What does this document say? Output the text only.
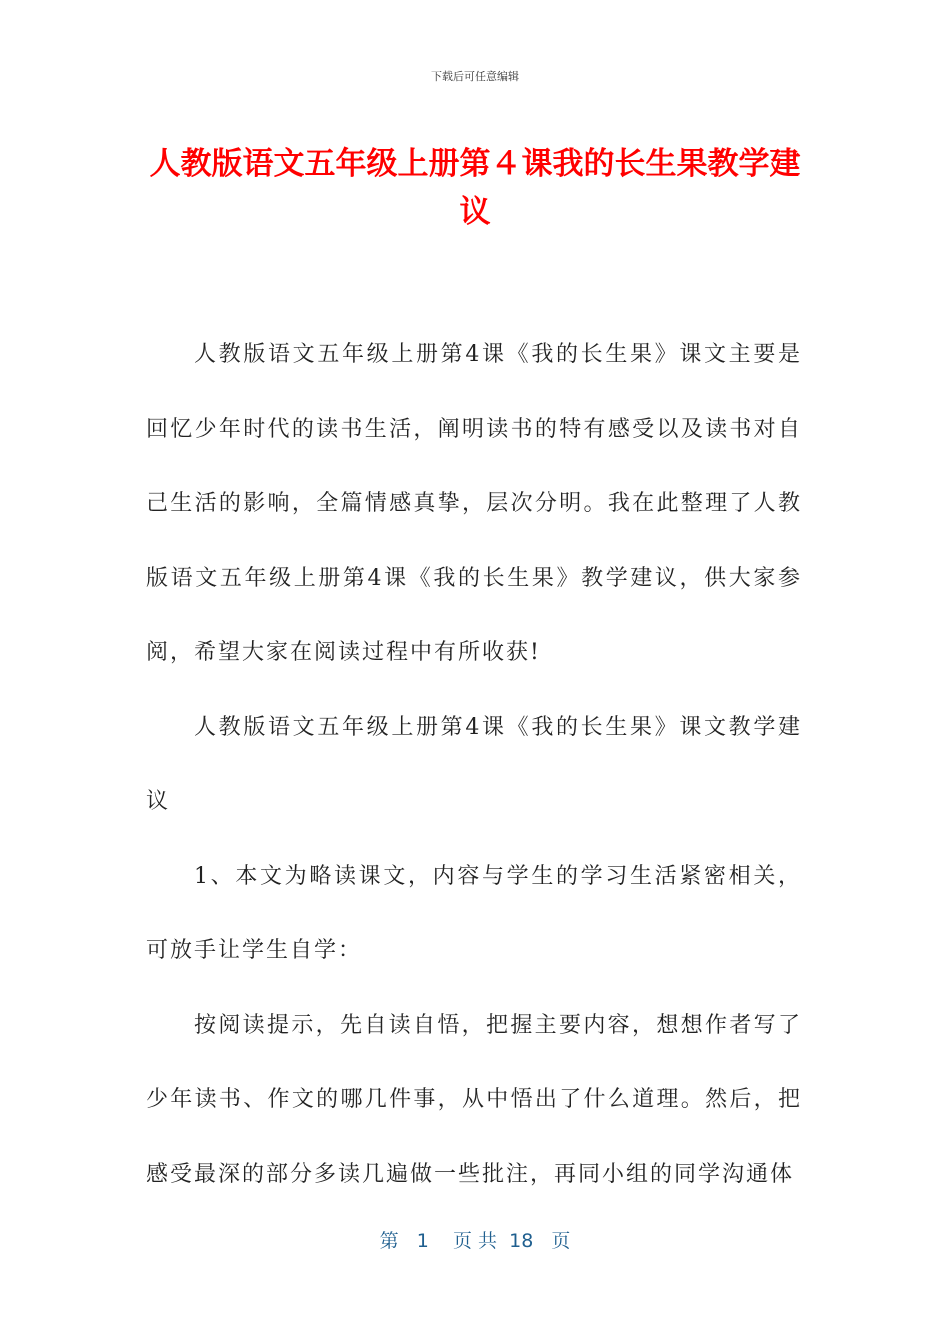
下载后可任意编辑
人教版语文五年级上册第４课我的长生果教学建议

人教版语文五年级上册第4课《我的长生果》课文主要是回忆少年时代的读书生活，阐明读书的特有感受以及读书对自己生活的影响，全篇情感真挚，层次分明。我在此整理了人教版语文五年级上册第4课《我的长生果》教学建议，供大家参阅，希望大家在阅读过程中有所收获!

人教版语文五年级上册第4课《我的长生果》课文教学建议

1、本文为略读课文，内容与学生的学习生活紧密相关，可放手让学生自学：

按阅读提示，先自读自悟，把握主要内容，想想作者写了少年读书、作文的哪几件事，从中悟出了什么道理。然后，把感受最深的部分多读几遍做一些批注，再同小组的同学沟通体

第 1 页 共 18 页
